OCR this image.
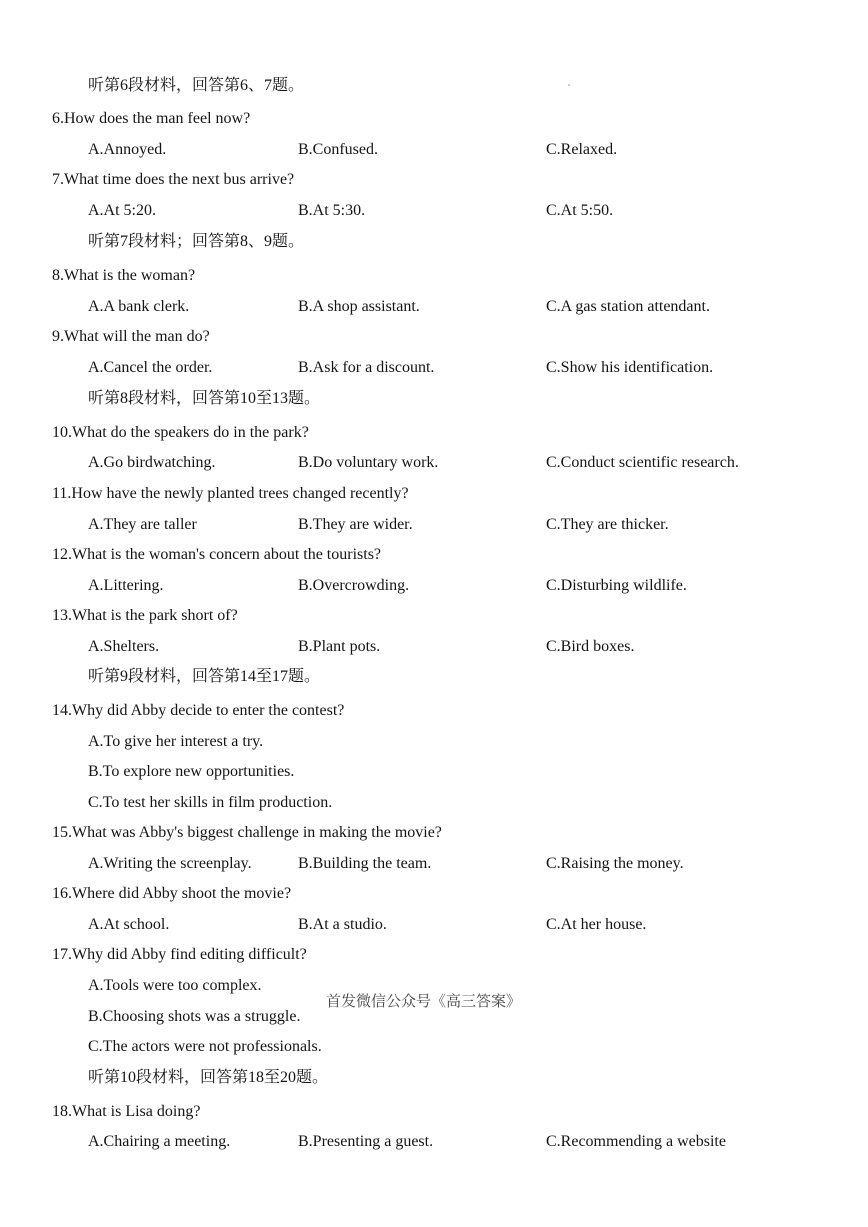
听第6段材料，回答第6、7题。
6.How does the man feel now?
A.Annoyed.	B.Confused.	C.Relaxed.
7.What time does the next bus arrive?
A.At 5:20.	B.At 5:30.	C.At 5:50.
听第7段材料；回答第8、9题。
8.What is the woman?
A.A bank clerk.	B.A shop assistant.	C.A gas station attendant.
9.What will the man do?
A.Cancel the order.	B.Ask for a discount.	C.Show his identification.
听第8段材料，回答第10至13题。
10.What do the speakers do in the park?
A.Go birdwatching.	B.Do voluntary work.	C.Conduct scientific research.
11.How have the newly planted trees changed recently?
A.They are taller	B.They are wider.	C.They are thicker.
12.What is the woman's concern about the tourists?
A.Littering.	B.Overcrowding.	C.Disturbing wildlife.
13.What is the park short of?
A.Shelters.	B.Plant pots.	C.Bird boxes.
听第9段材料，回答第14至17题。
14.Why did Abby decide to enter the contest?
A.To give her interest a try.
B.To explore new opportunities.
C.To test her skills in film production.
15.What was Abby's biggest challenge in making the movie?
A.Writing the screenplay.	B.Building the team.	C.Raising the money.
16.Where did Abby shoot the movie?
A.At school.	B.At a studio.	C.At her house.
17.Why did Abby find editing difficult?
A.Tools were too complex.
B.Choosing shots was a struggle.
C.The actors were not professionals.
首发微信公众号《高三答案》
听第10段材料，回答第18至20题。
18.What is Lisa doing?
A.Chairing a meeting.	B.Presenting a guest.	C.Recommending a website
